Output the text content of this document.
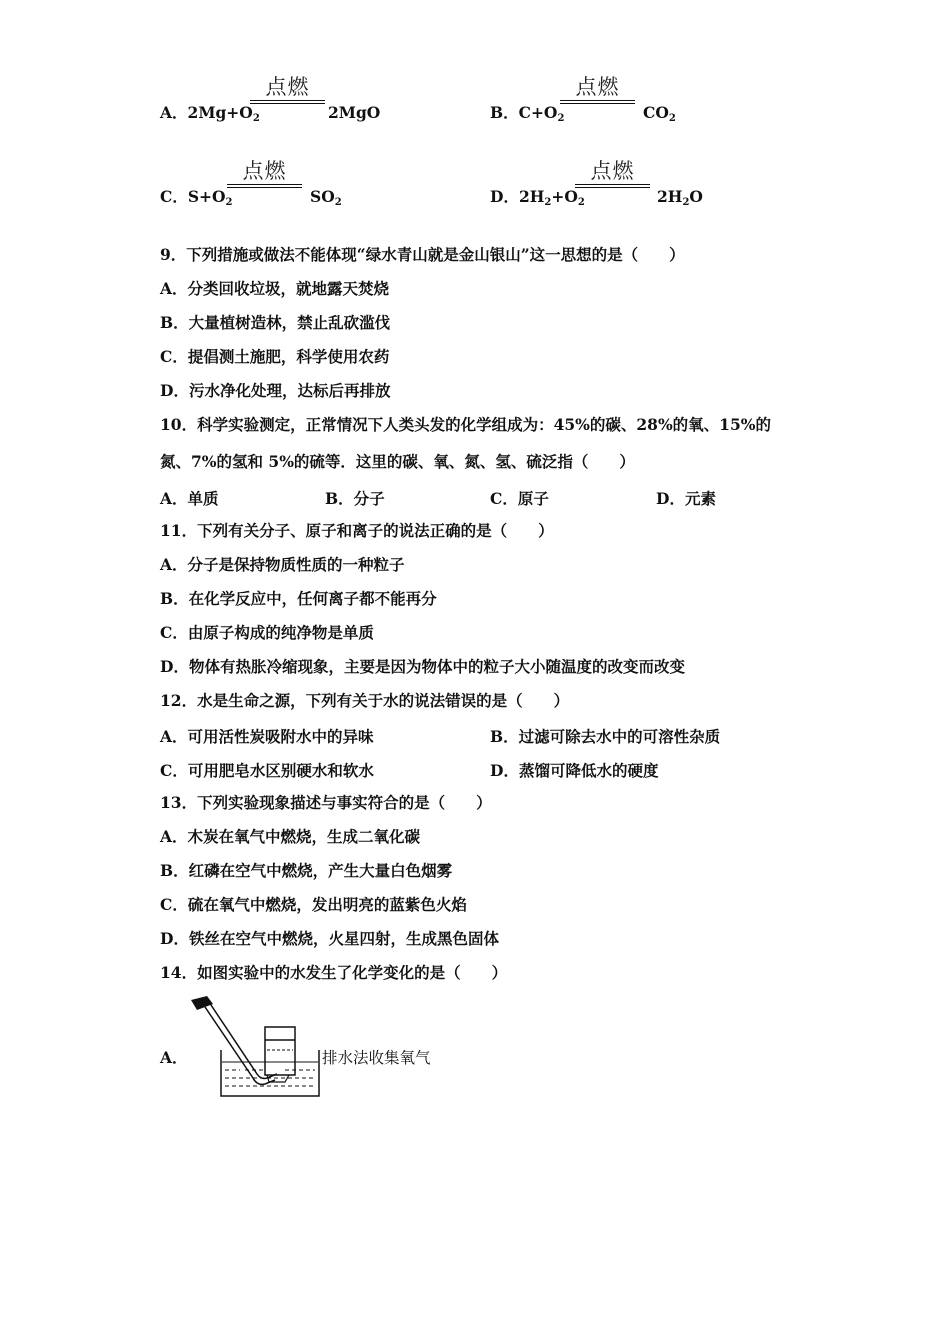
A．$2Mg+O_2$
点燃
2MgO	B．$C+O_2$
点燃
$CO_2$
C．$S+O_2$
点燃
$SO_2$	D．$2H_2+O_2$
点燃
$2H_2O$
9．下列措施或做法不能体现“绿水青山就是金山银山”这一思想的是（　　）
A．分类回收垃圾，就地露天焚烧
B．大量植树造林，禁止乱砍滥伐
C．提倡测土施肥，科学使用农药
D．污水净化处理，达标后再排放
10．科学实验测定，正常情况下人类头发的化学组成为：45%的碳、28%的氧、15%的
氮、7%的氢和 5%的硫等．这里的碳、氧、氮、氢、硫泛指（　　）
A．单质	B．分子	C．原子	D．元素
11．下列有关分子、原子和离子的说法正确的是（　　）
A．分子是保持物质性质的一种粒子
B．在化学反应中，任何离子都不能再分
C．由原子构成的纯净物是单质
D．物体有热胀冷缩现象，主要是因为物体中的粒子大小随温度的改变而改变
12．水是生命之源，下列有关于水的说法错误的是（　　）
A．可用活性炭吸附水中的异味	B．过滤可除去水中的可溶性杂质
C．可用肥皂水区别硬水和软水	D．蒸馏可降低水的硬度
13．下列实验现象描述与事实符合的是（　　）
A．木炭在氧气中燃烧，生成二氧化碳
B．红磷在空气中燃烧，产生大量白色烟雾
C．硫在氧气中燃烧，发出明亮的蓝紫色火焰
D．铁丝在空气中燃烧，火星四射，生成黑色固体
14．如图实验中的水发生了化学变化的是（　　）
A．	排水法收集氧气
